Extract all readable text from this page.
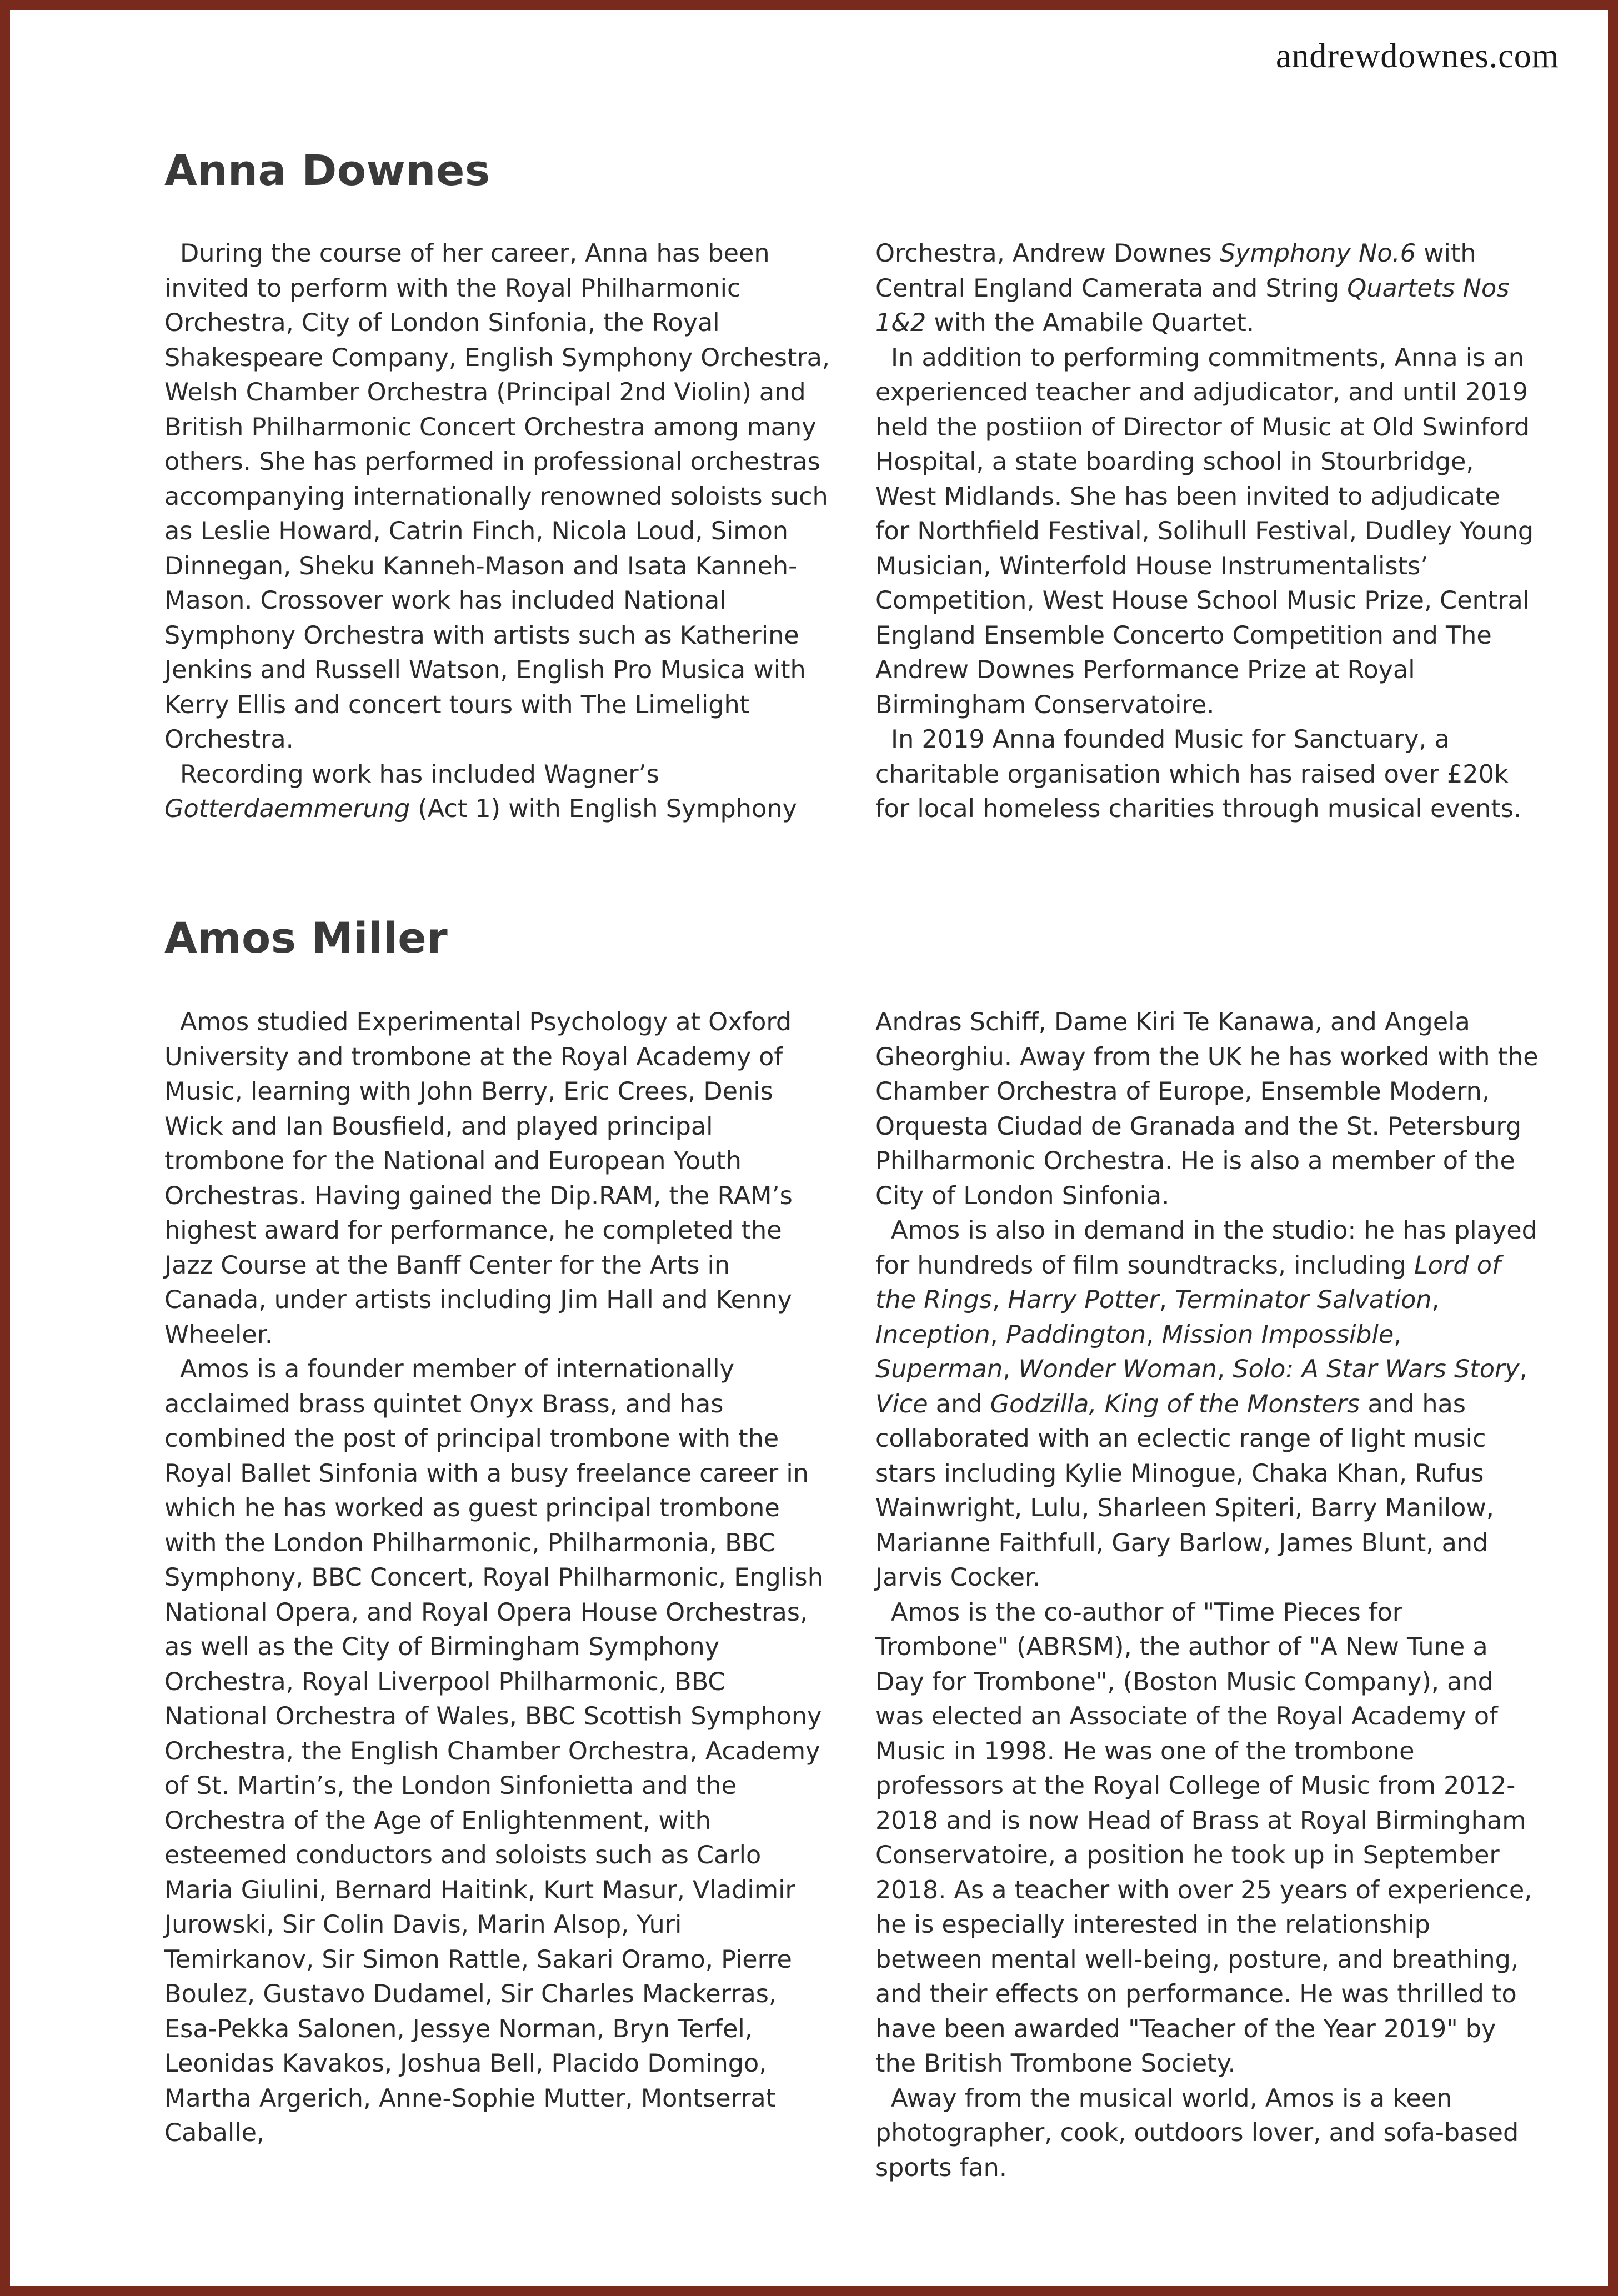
andrewdownes.com
Anna Downes

During the course of her career, Anna has been invited to perform with the Royal Philharmonic Orchestra, City of London Sinfonia, the Royal Shakespeare Company, English Symphony Orchestra, Welsh Chamber Orchestra (Principal 2nd Violin) and British Philharmonic Concert Orchestra among many others. She has performed in professional orchestras accompanying internationally renowned soloists such as Leslie Howard, Catrin Finch, Nicola Loud, Simon Dinnegan, Sheku Kanneh-Mason and Isata Kanneh-Mason. Crossover work has included National Symphony Orchestra with artists such as Katherine Jenkins and Russell Watson, English Pro Musica with Kerry Ellis and concert tours with The Limelight Orchestra.

Recording work has included Wagner’s Gotterdaemmerung (Act 1) with English Symphony

Orchestra, Andrew Downes Symphony No.6 with Central England Camerata and String Quartets Nos 1&2 with the Amabile Quartet.

In addition to performing commitments, Anna is an experienced teacher and adjudicator, and until 2019 held the postiion of Director of Music at Old Swinford Hospital, a state boarding school in Stourbridge, West Midlands. She has been invited to adjudicate for Northfield Festival, Solihull Festival, Dudley Young Musician, Winterfold House Instrumentalists’ Competition, West House School Music Prize, Central England Ensemble Concerto Competition and The Andrew Downes Performance Prize at Royal Birmingham Conservatoire.

In 2019 Anna founded Music for Sanctuary, a charitable organisation which has raised over £20k for local homeless charities through musical events.

Amos Miller

Amos studied Experimental Psychology at Oxford University and trombone at the Royal Academy of Music, learning with John Berry, Eric Crees, Denis Wick and Ian Bousfield, and played principal trombone for the National and European Youth Orchestras. Having gained the Dip.RAM, the RAM’s highest award for performance, he completed the Jazz Course at the Banff Center for the Arts in Canada, under artists including Jim Hall and Kenny Wheeler.

Amos is a founder member of internationally acclaimed brass quintet Onyx Brass, and has combined the post of principal trombone with the Royal Ballet Sinfonia with a busy freelance career in which he has worked as guest principal trombone with the London Philharmonic, Philharmonia, BBC Symphony, BBC Concert, Royal Philharmonic, English National Opera, and Royal Opera House Orchestras, as well as the City of Birmingham Symphony Orchestra, Royal Liverpool Philharmonic, BBC National Orchestra of Wales, BBC Scottish Symphony Orchestra, the English Chamber Orchestra, Academy of St. Martin’s, the London Sinfonietta and the Orchestra of the Age of Enlightenment, with esteemed conductors and soloists such as Carlo Maria Giulini, Bernard Haitink, Kurt Masur, Vladimir Jurowski, Sir Colin Davis, Marin Alsop, Yuri Temirkanov, Sir Simon Rattle, Sakari Oramo, Pierre Boulez, Gustavo Dudamel, Sir Charles Mackerras, Esa-Pekka Salonen, Jessye Norman, Bryn Terfel, Leonidas Kavakos, Joshua Bell, Placido Domingo, Martha Argerich, Anne-Sophie Mutter, Montserrat Caballe,

Andras Schiff, Dame Kiri Te Kanawa, and Angela Gheorghiu. Away from the UK he has worked with the Chamber Orchestra of Europe, Ensemble Modern, Orquesta Ciudad de Granada and the St. Petersburg Philharmonic Orchestra. He is also a member of the City of London Sinfonia.

Amos is also in demand in the studio: he has played for hundreds of film soundtracks, including Lord of the Rings, Harry Potter, Terminator Salvation, Inception, Paddington, Mission Impossible, Superman, Wonder Woman, Solo: A Star Wars Story, Vice and Godzilla, King of the Monsters and has collaborated with an eclectic range of light music stars including Kylie Minogue, Chaka Khan, Rufus Wainwright, Lulu, Sharleen Spiteri, Barry Manilow, Marianne Faithfull, Gary Barlow, James Blunt, and Jarvis Cocker.

Amos is the co-author of "Time Pieces for Trombone" (ABRSM), the author of "A New Tune a Day for Trombone", (Boston Music Company), and was elected an Associate of the Royal Academy of Music in 1998. He was one of the trombone professors at the Royal College of Music from 2012-2018 and is now Head of Brass at Royal Birmingham Conservatoire, a position he took up in September 2018. As a teacher with over 25 years of experience, he is especially interested in the relationship between mental well-being, posture, and breathing, and their effects on performance. He was thrilled to have been awarded "Teacher of the Year 2019" by the British Trombone Society.

Away from the musical world, Amos is a keen photographer, cook, outdoors lover, and sofa-based sports fan.
